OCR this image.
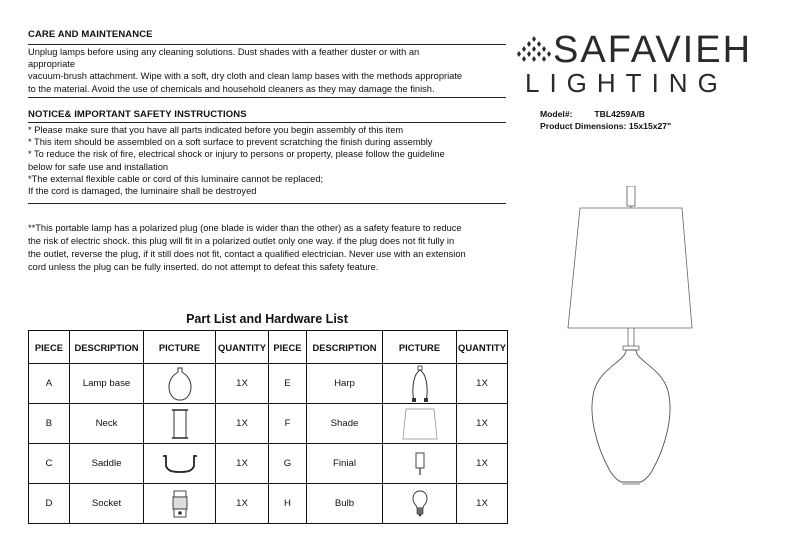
CARE AND MAINTENANCE

Unplug lamps before using any cleaning solutions. Dust shades with a feather duster or with an

appropriate

vacuum-brush attachment. Wipe with a soft, dry cloth and clean lamp bases with the methods appropriate

to the material. Avoid the use of chemicals and household cleaners as they may damage the finish.

NOTICE& IMPORTANT SAFETY INSTRUCTIONS

* Please make sure that you have all parts indicated before you begin assembly of this item

* This item should be assembled on a soft surface to prevent scratching the finish during assembly

* To reduce the risk of fire, electrical shock or injury to persons or property, please follow the guideline

below for safe use and installation

*The external flexible cable or cord of this luminaire cannot be replaced;

If the cord is damaged, the luminaire shall be destroyed

**This portable lamp has a polarized plug (one blade is wider than the other) as a safety feature to reduce

the risk of electric shock. this plug will fit in a polarized outlet only one way. if the plug does not fit fully in

the outlet, reverse the plug, if it still does not fit, contact a qualified electrician. Never use with an extension

cord unless the plug can be fully inserted. do not attempt to defeat this safety feature.

SAFAVIEH
LIGHTING
Model#:	TBL4259A/B
Product Dimensions: 15x15x27"
Part List and Hardware List
PIECE	DESCRIPTION	PICTURE	QUANTITY	PIECE	DESCRIPTION	PICTURE	QUANTITY
A	Lamp base		1X	E	Harp		1X
B	Neck		1X	F	Shade		1X
C	Saddle		1X	G	Finial		1X
D	Socket		1X	H	Bulb		1X
